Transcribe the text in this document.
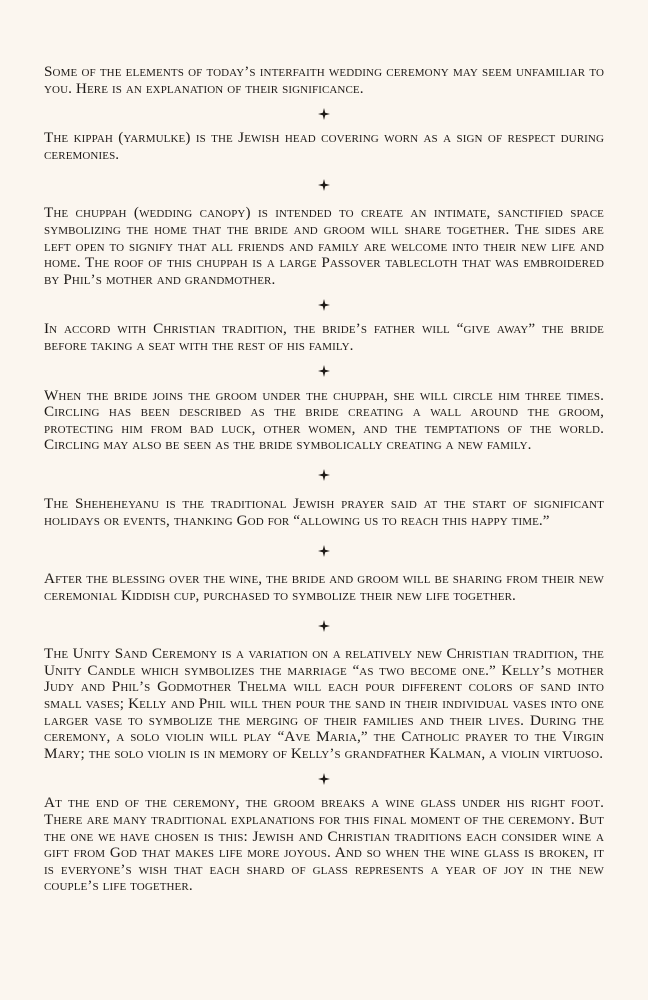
Some of the elements of today’s interfaith wedding ceremony may seem unfamiliar to you. Here is an explanation of their significance.

The kippah (yarmulke) is the Jewish head covering worn as a sign of respect during ceremonies.

The chuppah (wedding canopy) is intended to create an intimate, sanctified space symbolizing the home that the bride and groom will share together. The sides are left open to signify that all friends and family are welcome into their new life and home. The roof of this chuppah is a large Passover tablecloth that was embroidered by Phil’s mother and grandmother.

In accord with Christian tradition, the bride’s father will “give away” the bride before taking a seat with the rest of his family.

When the bride joins the groom under the chuppah, she will circle him three times. Circling has been described as the bride creating a wall around the groom, protecting him from bad luck, other women, and the temptations of the world. Circling may also be seen as the bride symbolically creating a new family.

The Sheheheyanu is the traditional Jewish prayer said at the start of significant holidays or events, thanking God for “allowing us to reach this happy time.”

After the blessing over the wine, the bride and groom will be sharing from their new ceremonial Kiddish cup, purchased to symbolize their new life together.

The Unity Sand Ceremony is a variation on a relatively new Christian tradition, the Unity Candle which symbolizes the marriage “as two become one.” Kelly’s mother Judy and Phil’s Godmother Thelma will each pour different colors of sand into small vases; Kelly and Phil will then pour the sand in their individual vases into one larger vase to symbolize the merging of their families and their lives. During the ceremony, a solo violin will play “Ave Maria,” the Catholic prayer to the Virgin Mary; the solo violin is in memory of Kelly’s grandfather Kalman, a violin virtuoso.

At the end of the ceremony, the groom breaks a wine glass under his right foot. There are many traditional explanations for this final moment of the ceremony. But the one we have chosen is this: Jewish and Christian traditions each consider wine a gift from God that makes life more joyous. And so when the wine glass is broken, it is everyone’s wish that each shard of glass represents a year of joy in the new couple’s life together.
